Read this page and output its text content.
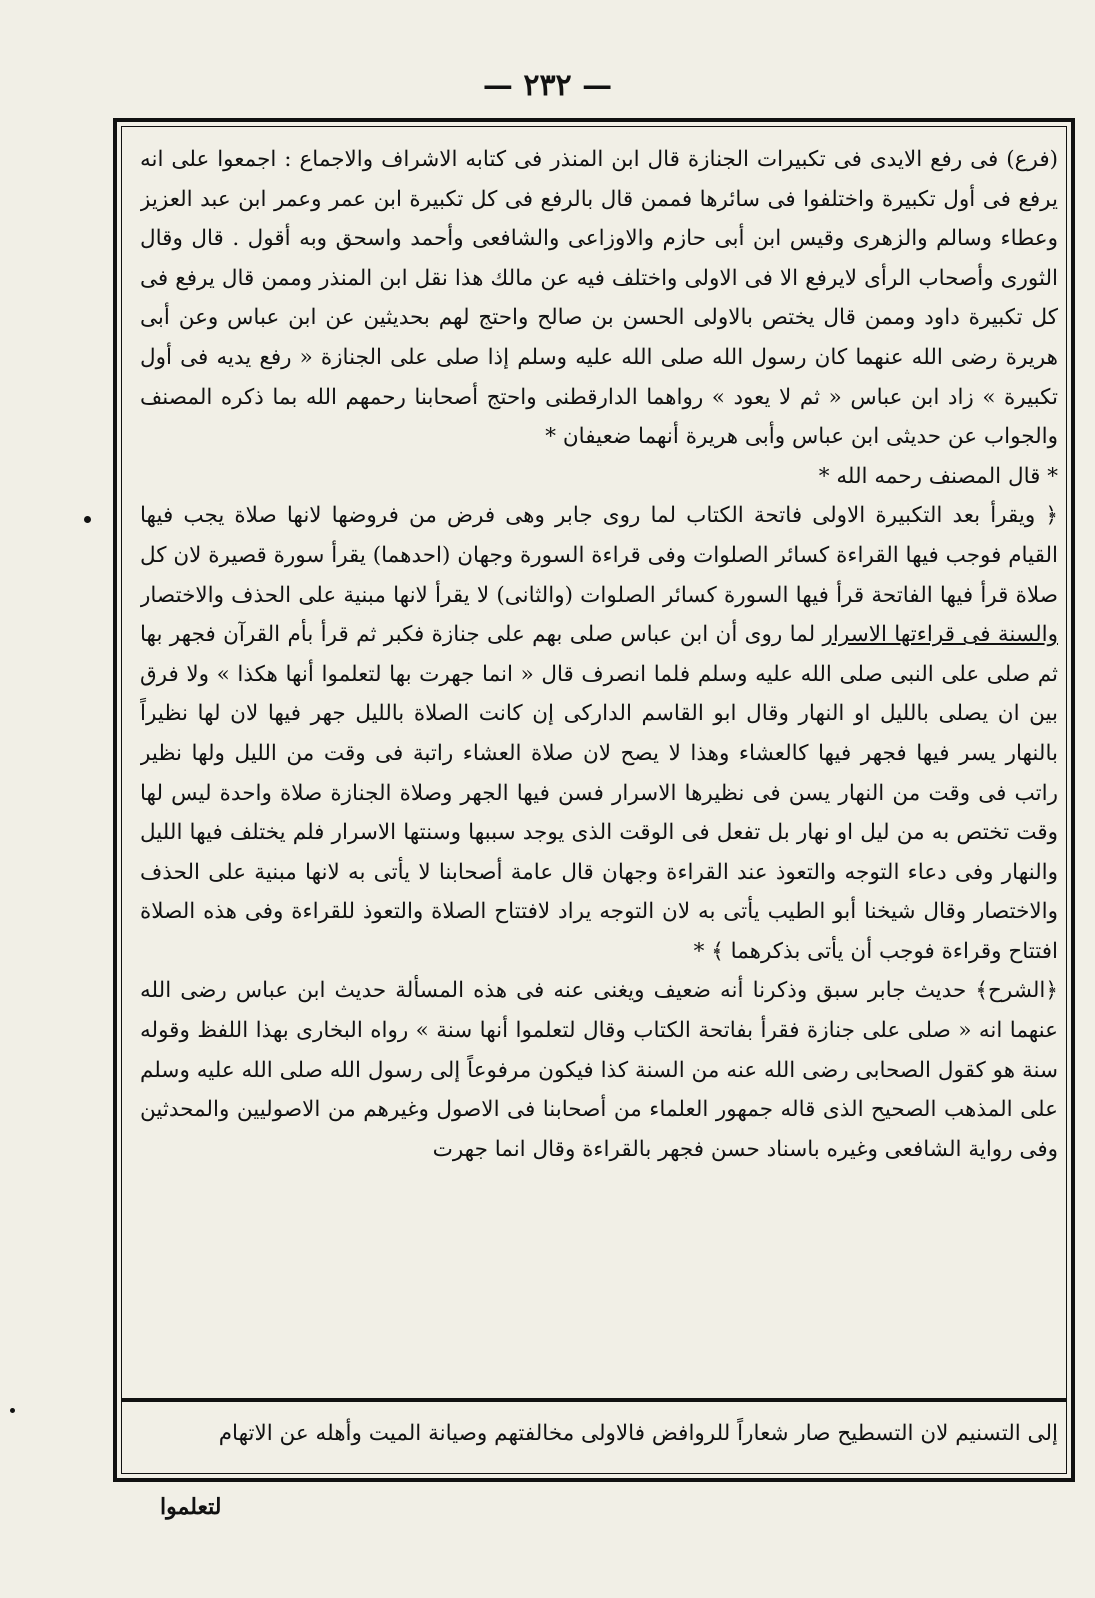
— ٢٣٢ —

(فرع) فى رفع الايدى فى تكبيرات الجنازة قال ابن المنذر فى كتابه الاشراف والاجماع : اجمعوا على انه يرفع فى أول تكبيرة واختلفوا فى سائرها فممن قال بالرفع فى كل تكبيرة ابن عمر وعمر ابن عبد العزيز وعطاء وسالم والزهرى وقيس ابن أبى حازم والاوزاعى والشافعى وأحمد واسحق وبه أقول . قال وقال الثورى وأصحاب الرأى لايرفع الا فى الاولى واختلف فيه عن مالك هذا نقل ابن المنذر وممن قال يرفع فى كل تكبيرة داود وممن قال يختص بالاولى الحسن بن صالح واحتج لهم بحديثين عن ابن عباس وعن أبى هريرة رضى الله عنهما كان رسول الله صلى الله عليه وسلم إذا صلى على الجنازة « رفع يديه فى أول تكبيرة » زاد ابن عباس « ثم لا يعود » رواهما الدارقطنى واحتج أصحابنا رحمهم الله بما ذكره المصنف والجواب عن حديثى ابن عباس وأبى هريرة أنهما ضعيفان *

* قال المصنف رحمه الله *

﴿ ويقرأ بعد التكبيرة الاولى فاتحة الكتاب لما روى جابر وهى فرض من فروضها لانها صلاة يجب فيها القيام فوجب فيها القراءة كسائر الصلوات وفى قراءة السورة وجهان (احدهما) يقرأ سورة قصيرة لان كل صلاة قرأ فيها الفاتحة قرأ فيها السورة كسائر الصلوات (والثانى) لا يقرأ لانها مبنية على الحذف والاختصار والسنة فى قراءتها الاسرار لما روى أن ابن عباس صلى بهم على جنازة فكبر ثم قرأ بأم القرآن فجهر بها ثم صلى على النبى صلى الله عليه وسلم فلما انصرف قال « انما جهرت بها لتعلموا أنها هكذا » ولا فرق بين ان يصلى بالليل او النهار وقال ابو القاسم الداركى إن كانت الصلاة بالليل جهر فيها لان لها نظيراً بالنهار يسر فيها فجهر فيها كالعشاء وهذا لا يصح لان صلاة العشاء راتبة فى وقت من الليل ولها نظير راتب فى وقت من النهار يسن فى نظيرها الاسرار فسن فيها الجهر وصلاة الجنازة صلاة واحدة ليس لها وقت تختص به من ليل او نهار بل تفعل فى الوقت الذى يوجد سببها وسنتها الاسرار فلم يختلف فيها الليل والنهار وفى دعاء التوجه والتعوذ عند القراءة وجهان قال عامة أصحابنا لا يأتى به لانها مبنية على الحذف والاختصار وقال شيخنا أبو الطيب يأتى به لان التوجه يراد لافتتاح الصلاة والتعوذ للقراءة وفى هذه الصلاة افتتاح وقراءة فوجب أن يأتى بذكرهما ﴾ *

﴿الشرح﴾ حديث جابر سبق وذكرنا أنه ضعيف ويغنى عنه فى هذه المسألة حديث ابن عباس رضى الله عنهما انه « صلى على جنازة فقرأ بفاتحة الكتاب وقال لتعلموا أنها سنة » رواه البخارى بهذا اللفظ وقوله سنة هو كقول الصحابى رضى الله عنه من السنة كذا فيكون مرفوعاً إلى رسول الله صلى الله عليه وسلم على المذهب الصحيح الذى قاله جمهور العلماء من أصحابنا فى الاصول وغيرهم من الاصوليين والمحدثين وفى رواية الشافعى وغيره باسناد حسن فجهر بالقراءة وقال انما جهرت

إلى التسنيم لان التسطيح صار شعاراً للروافض فالاولى مخالفتهم وصيانة الميت وأهله عن الاتهام
لتعلموا
